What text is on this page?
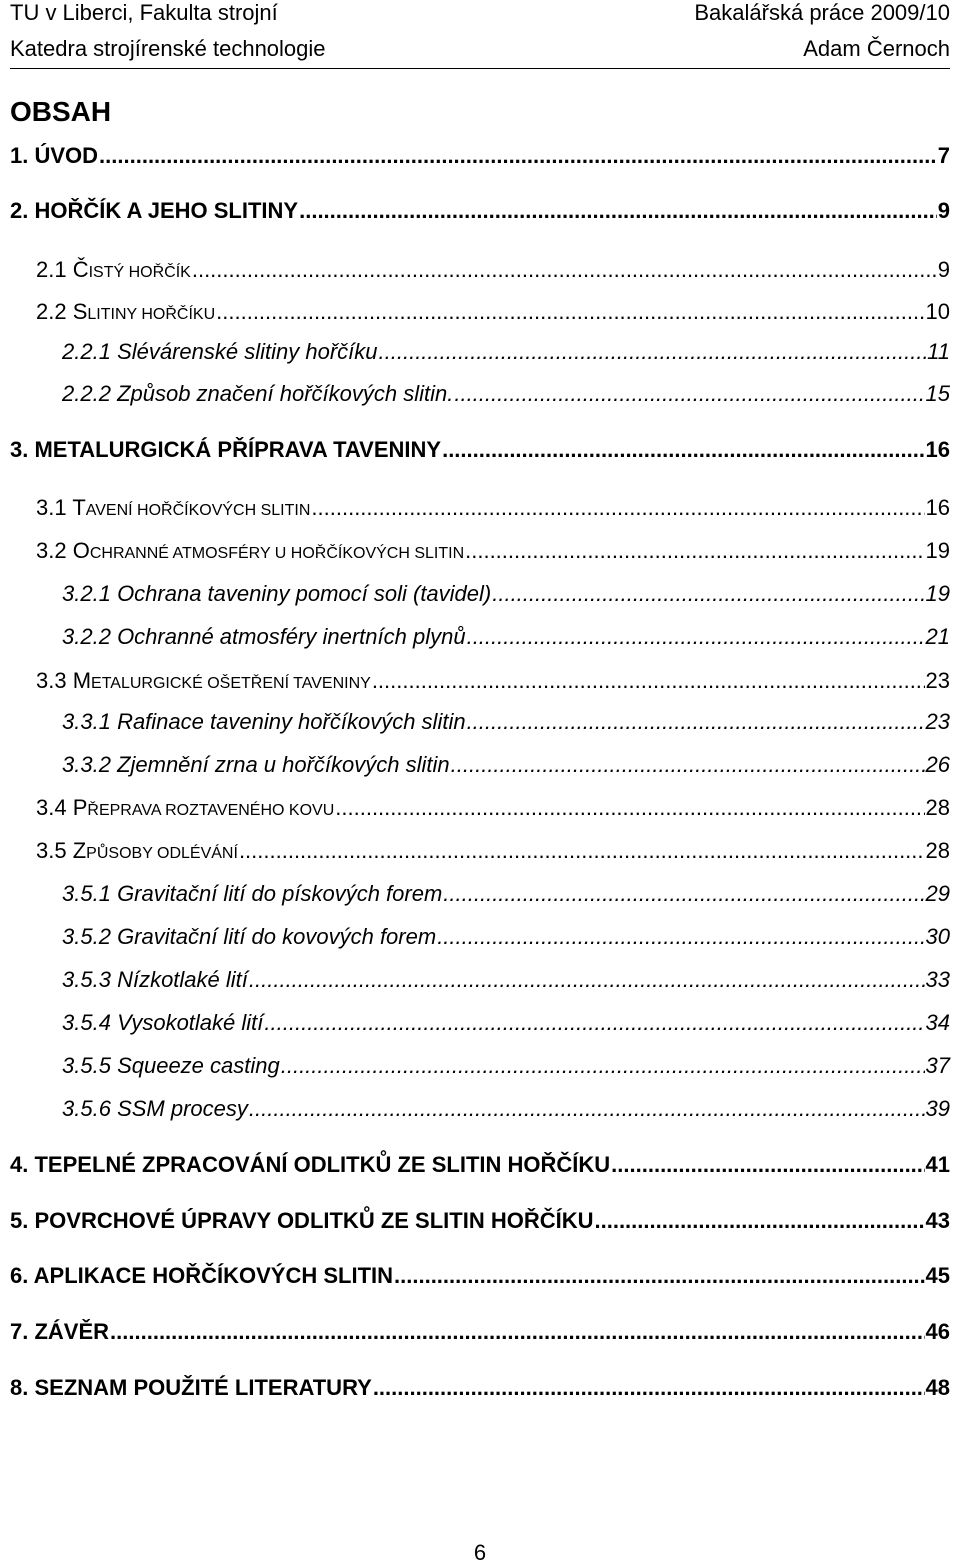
TU v Liberci, Fakulta strojní	Bakalářská práce 2009/10
Katedra strojírenské technologie	Adam Černoch
OBSAH
1. ÚVOD .....	7
2. HOŘČÍK A JEHO SLITINY .....	9
2.1 ČISTÝ HOŘČÍK .....	9
2.2 SLITINY HOŘČÍKU .....	10
2.2.1 Slévárenské slitiny hořčíku .....	11
2.2.2 Způsob značení hořčíkových slitin. .....	15
3. METALURGICKÁ PŘÍPRAVA TAVENINY .....	16
3.1 TAVENÍ HOŘČÍKOVÝCH SLITIN .....	16
3.2 OCHRANNÉ ATMOSFÉRY U HOŘČÍKOVÝCH SLITIN .....	19
3.2.1 Ochrana taveniny pomocí soli (tavidel) .....	19
3.2.2 Ochranné atmosféry inertních plynů .....	21
3.3 METALURGICKÉ OŠETŘENÍ TAVENINY .....	23
3.3.1 Rafinace taveniny hořčíkových slitin .....	23
3.3.2 Zjemnění zrna u hořčíkových slitin .....	26
3.4 PŘEPRAVA ROZTAVENÉHO KOVU .....	28
3.5 ZPŮSOBY ODLÉVÁNÍ .....	28
3.5.1 Gravitační lití do pískových forem .....	29
3.5.2 Gravitační lití do kovových forem .....	30
3.5.3 Nízkotlaké lití .....	33
3.5.4 Vysokotlaké lití .....	34
3.5.5 Squeeze casting .....	37
3.5.6 SSM procesy .....	39
4. TEPELNÉ ZPRACOVÁNÍ ODLITKŮ ZE SLITIN HOŘČÍKU .....	41
5. POVRCHOVÉ ÚPRAVY ODLITKŮ ZE SLITIN HOŘČÍKU .....	43
6. APLIKACE HOŘČÍKOVÝCH SLITIN .....	45
7. ZÁVĚR .....	46
8. SEZNAM POUŽITÉ LITERATURY .....	48
6
